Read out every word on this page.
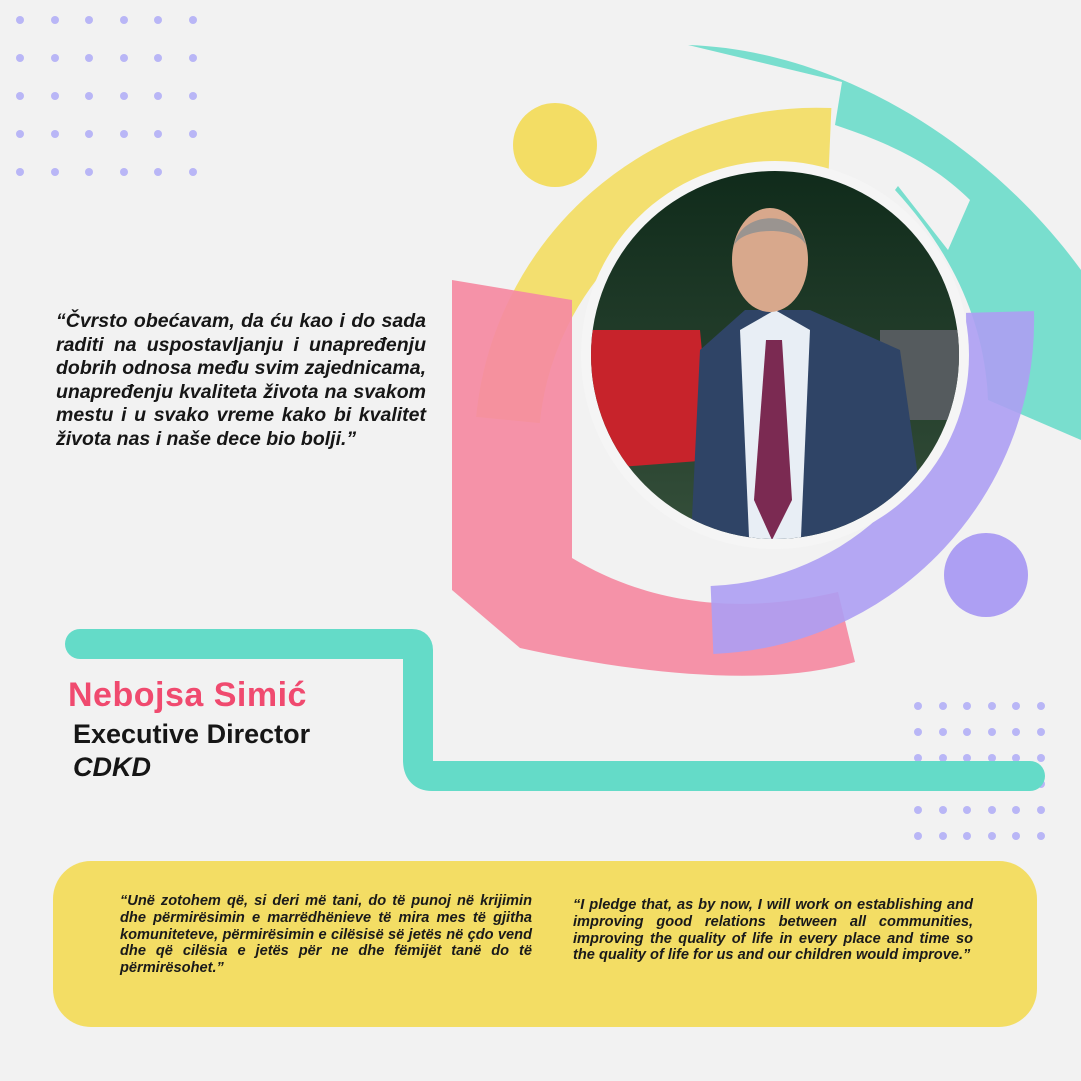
“Čvrsto obećavam, da ću kao i do sada raditi na uspostavljanju i unapređenju dobrih odnosa među svim zajednicama, unapređenju kvaliteta života na svakom mestu i u svako vreme kako bi kvalitet života nas i naše dece bio bolji.”

Nebojsa Simić
Executive Director
CDKD

“Unë zotohem që, si deri më tani, do të punoj në krijimin dhe përmirësimin e marrëdhënieve të mira mes të gjitha komuniteteve, përmirësimin e cilësisë së jetës në çdo vend dhe që cilësia e jetës për ne dhe fëmijët tanë do të përmirësohet.”

“I pledge that, as by now, I will work on establishing and improving good relations between all communities, improving the quality of life in every place and time so the quality of life for us and our children would improve.”
